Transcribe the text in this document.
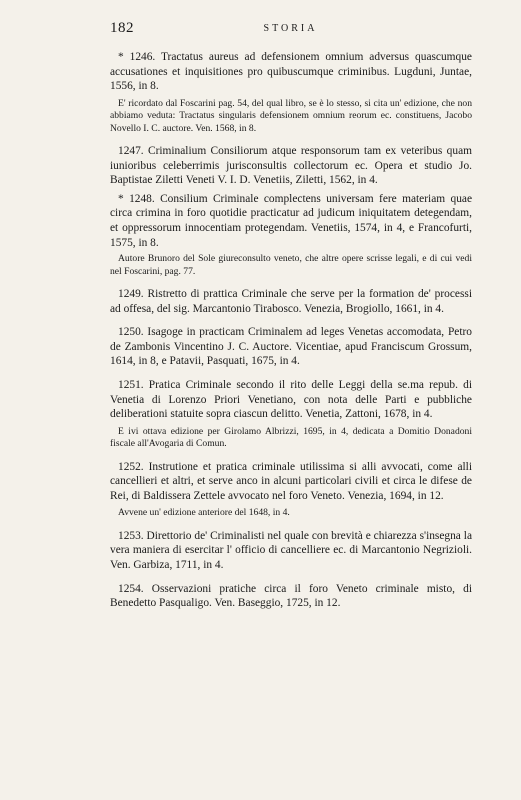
182	STORIA

* 1246. Tractatus aureus ad defensionem omnium adversus quascumque accusationes et inquisitiones pro quibuscumque criminibus. Lugduni, Juntae, 1556, in 8.

E' ricordato dal Foscarini pag. 54, del qual libro, se è lo stesso, si cita un' edizione, che non abbiamo veduta: Tractatus singularis defensionem omnium reorum ec. constituens, Jacobo Novello I. C. auctore. Ven. 1568, in 8.

1247. Criminalium Consiliorum atque responsorum tam ex veteribus quam iunioribus celeberrimis jurisconsultis collectorum ec. Opera et studio Jo. Baptistae Ziletti Veneti V. I. D. Venetiis, Ziletti, 1562, in 4.

* 1248. Consilium Criminale complectens universam fere materiam quae circa crimina in foro quotidie practicatur ad judicum iniquitatem detegendam, et oppressorum innocentiam protegendam. Venetiis, 1574, in 4, e Francofurti, 1575, in 8.

Autore Brunoro del Sole giureconsulto veneto, che altre opere scrisse legali, e di cui vedi nel Foscarini, pag. 77.

1249. Ristretto di prattica Criminale che serve per la formation de' processi ad offesa, del sig. Marcantonio Tirabosco. Venezia, Brogiollo, 1661, in 4.

1250. Isagoge in practicam Criminalem ad leges Venetas accomodata, Petro de Zambonis Vincentino J. C. Auctore. Vicentiae, apud Franciscum Grossum, 1614, in 8, e Patavii, Pasquati, 1675, in 4.

1251. Pratica Criminale secondo il rito delle Leggi della se.ma repub. di Venetia di Lorenzo Priori Venetiano, con nota delle Parti e pubbliche deliberationi statuite sopra ciascun delitto. Venetia, Zattoni, 1678, in 4.

E ivi ottava edizione per Girolamo Albrizzi, 1695, in 4, dedicata a Domitio Donadoni fiscale all'Avogaria di Comun.

1252. Instrutione et pratica criminale utilissima si alli avvocati, come alli cancellieri et altri, et serve anco in alcuni particolari civili et circa le difese de Rei, di Baldissera Zettele avvocato nel foro Veneto. Venezia, 1694, in 12.

Avvene un' edizione anteriore del 1648, in 4.

1253. Direttorio de' Criminalisti nel quale con brevità e chiarezza s'insegna la vera maniera di esercitar l' officio di cancelliere ec. di Marcantonio Negrizioli. Ven. Garbiza, 1711, in 4.

1254. Osservazioni pratiche circa il foro Veneto criminale misto, di Benedetto Pasqualigo. Ven. Baseggio, 1725, in 12.
